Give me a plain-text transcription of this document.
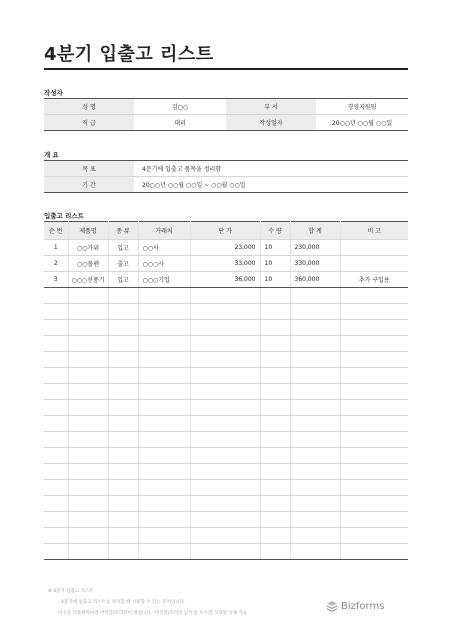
4분기 입출고 리스트
작성자
성 명	김○○	부 서	경영지원팀
직 급	대리	작성일자	20○○년 ○○월 ○○일
개 요
목 표	4분기에 입출고 품목을 정리함
기 간	20○○년 ○○월 ○○일 ~ ○○월 ○○일
입출고 리스트
순 번	제품명	종 류	거래처	단 가	수 량	합 계	비 고
1	○○가위	입고	○○사	23,000	10	230,000	
2	○○볼펜	출고	○○○사	33,000	10	330,000	
3	○○○선풍기	입고	○○○기업	36,000	10	360,000	추가 구입용

※ 4분기 입출고 리스트
- 4분기에 입출고 리스트를 정리할 때 사용할 수 있는 문서입니다.
이곳을 더블클릭하면 머리글/꼬리말이 열립니다. '머리말/꼬리말 닫기'를 누르면 꼬리말 삭제 가능
Bizforms
